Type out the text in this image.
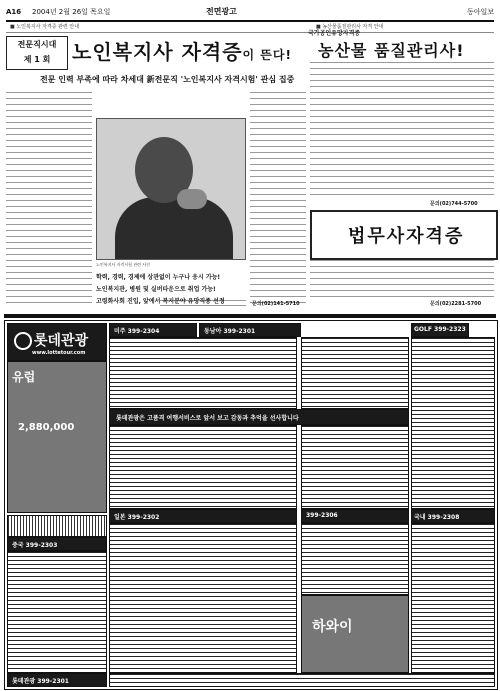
A16 2004년 2월 26일 목요일	전면광고	동아일보
■ 노인복지사 자격증 관련 안내	■ 농산물품질관리사 자격 안내
전문직시대
제 1 회	노인복지사 자격증이 뜬다!
전문 인력 부족에 따라 차세대 新전문직 '노인복지사 자격시험' 관심 집중
노인복지사 자격시험 관련 사진
학력, 경력, 경제에 상관없이 누구나 응시 가능!
노인복지관, 병원 및 실버타운으로 취업 가능!
고령화사회 진입, 앞에서 복지분야 유망직종 선정	문의(02)141-5710
국가공인유망자격증
농산물 품질관리사!
문의(02)744-5700
법무사자격증
문의(02)2281-5700
롯데관광
www.lottetour.com
미주 399-2304	동남아 399-2301	GOLF 399-2323
유럽
2,880,000
롯데관광은 고품격 여행서비스로 앞서 보고 감동과 추억을 선사합니다
일본 399-2302	399-2306
중국 399-2303
하와이
국내 399-2308
롯데관광 399-2301
